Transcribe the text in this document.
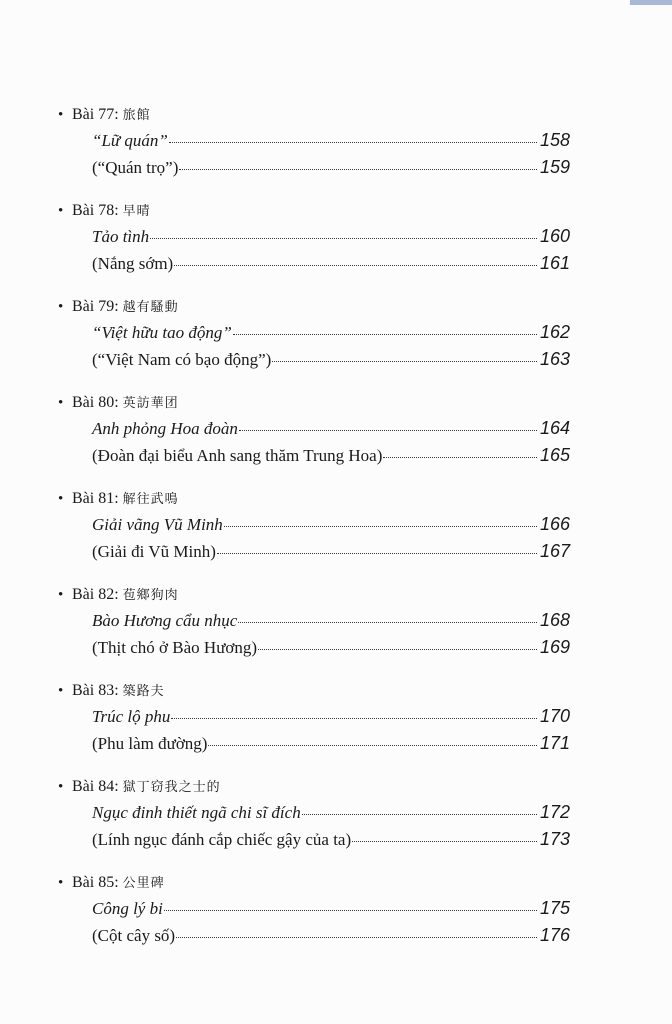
• Bài 77: 旅館
“Lữ quán”	158
(“Quán trọ”)	159
• Bài 78: 早晴
Tảo tình	160
(Nắng sớm)	161
• Bài 79: 越有騷動
“Việt hữu tao động”	162
(“Việt Nam có bạo động”)	163
• Bài 80: 英訪華团
Anh phỏng Hoa đoàn	164
(Đoàn đại biểu Anh sang thăm Trung Hoa)	165
• Bài 81: 解往武鳴
Giải vãng Vũ Minh	166
(Giải đi Vũ Minh)	167
• Bài 82: 苞鄉狗肉
Bào Hương cẩu nhục	168
(Thịt chó ở Bào Hương)	169
• Bài 83: 築路夫
Trúc lộ phu	170
(Phu làm đường)	171
• Bài 84: 獄丁窃我之士的
Ngục đinh thiết ngã chi sĩ đích	172
(Lính ngục đánh cắp chiếc gậy của ta)	173
• Bài 85: 公里碑
Công lý bi	175
(Cột cây số)	176
